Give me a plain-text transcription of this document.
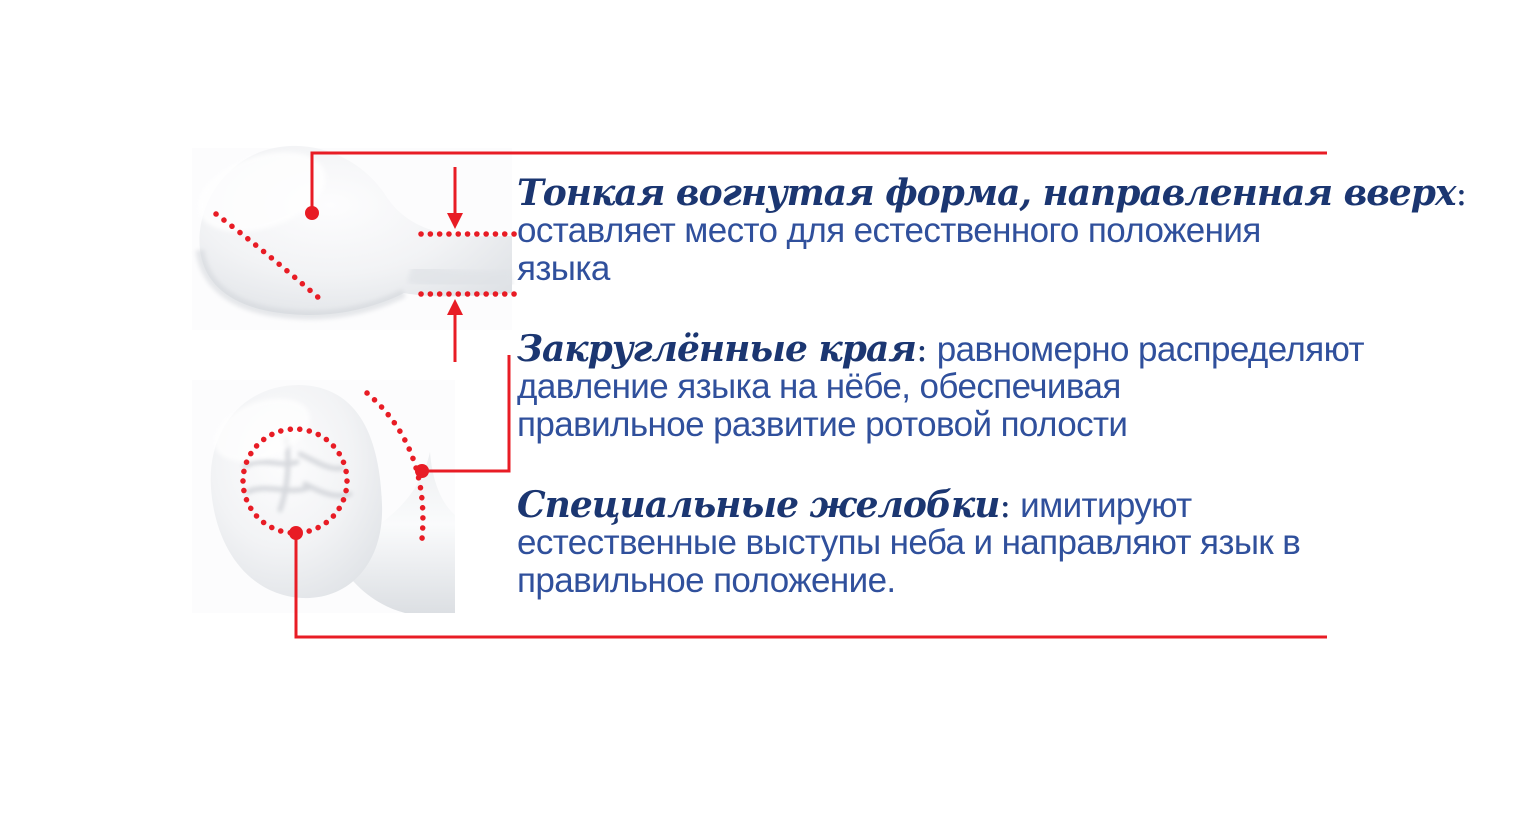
Тонкая вогнутая форма, направленная вверх:
оставляет место для естественного положения
языка
Закруглённые края: равномерно распределяют
давление языка на нёбе, обеспечивая
правильное развитие ротовой полости
Специальные желобки: имитируют
естественные выступы неба и направляют язык в
правильное положение.
